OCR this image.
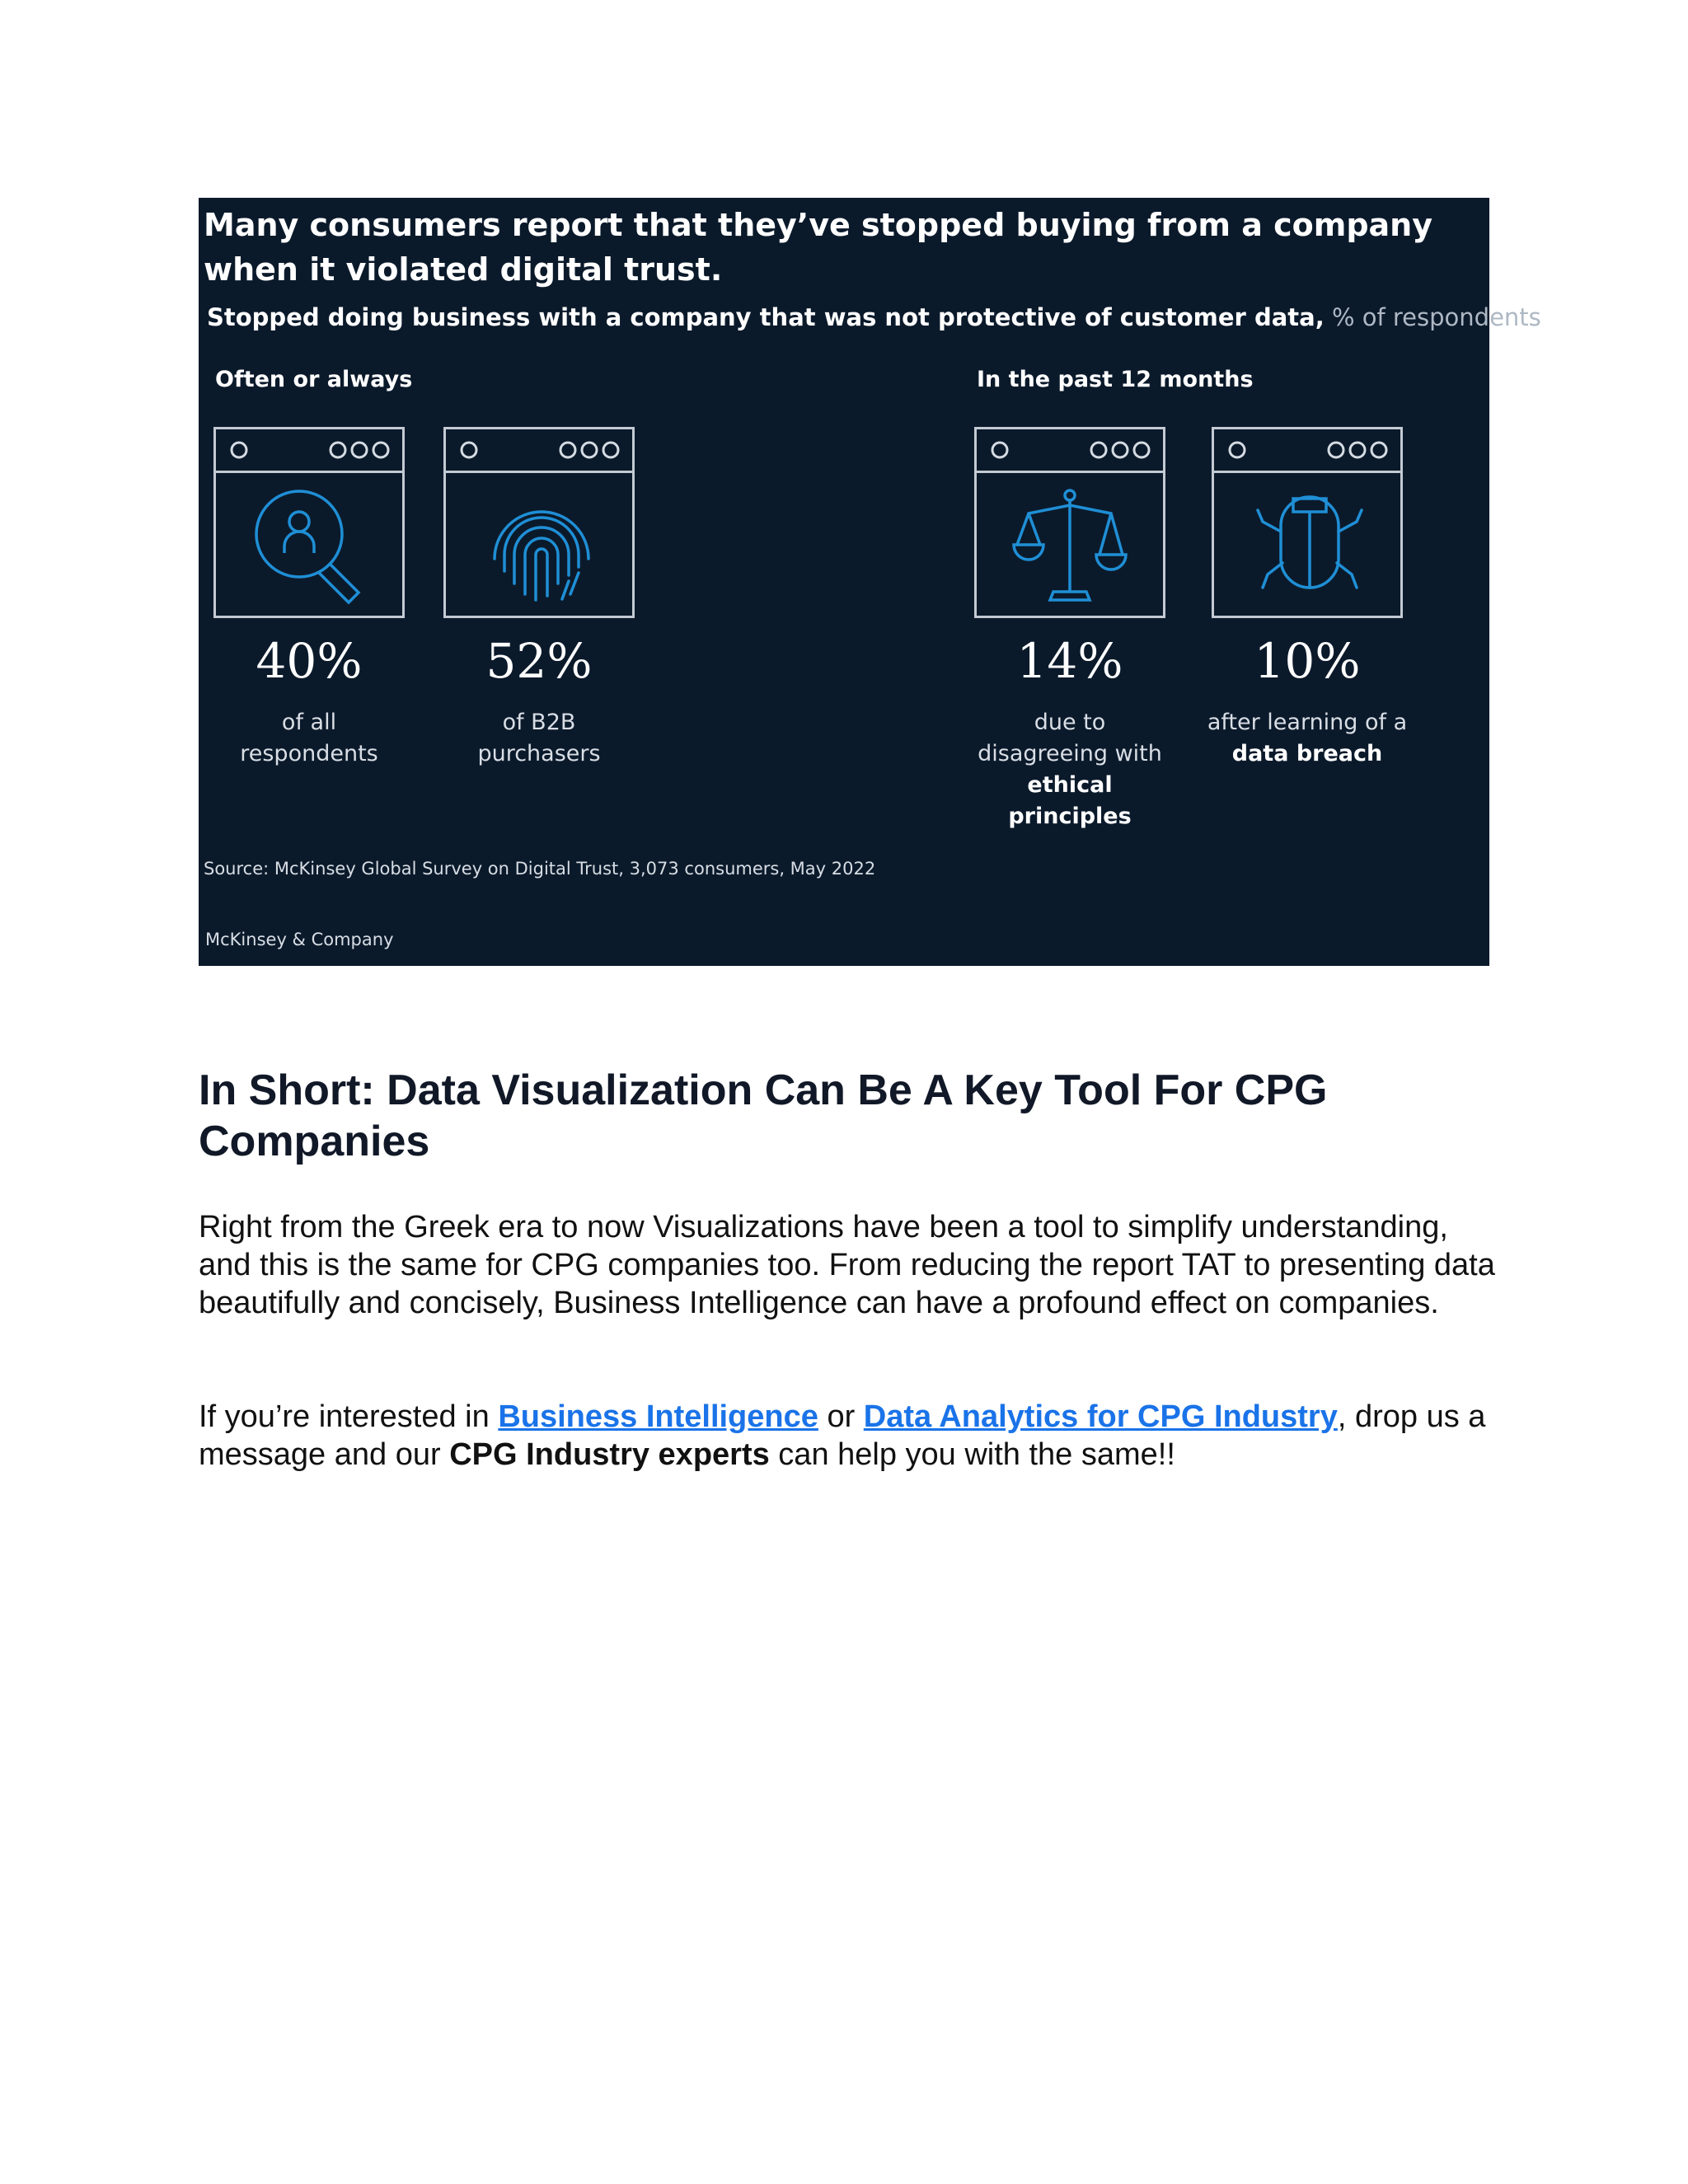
Many consumers report that they’ve stopped buying from a company when it violated digital trust.
Stopped doing business with a company that was not protective of customer data, % of respondents
Often or always	In the past 12 months
40%	52%	14%	10%
of all
respondents
of B2B
purchasers
due to
disagreeing with
ethical principles
after learning of a
data breach
Source: McKinsey Global Survey on Digital Trust, 3,073 consumers, May 2022
McKinsey & Company
In Short: Data Visualization Can Be A Key Tool For CPG Companies

Right from the Greek era to now Visualizations have been a tool to simplify understanding, and this is the same for CPG companies too. From reducing the report TAT to presenting data beautifully and concisely, Business Intelligence can have a profound effect on companies.

If you’re interested in Business Intelligence or Data Analytics for CPG Industry, drop us a message and our CPG Industry experts can help you with the same!!
